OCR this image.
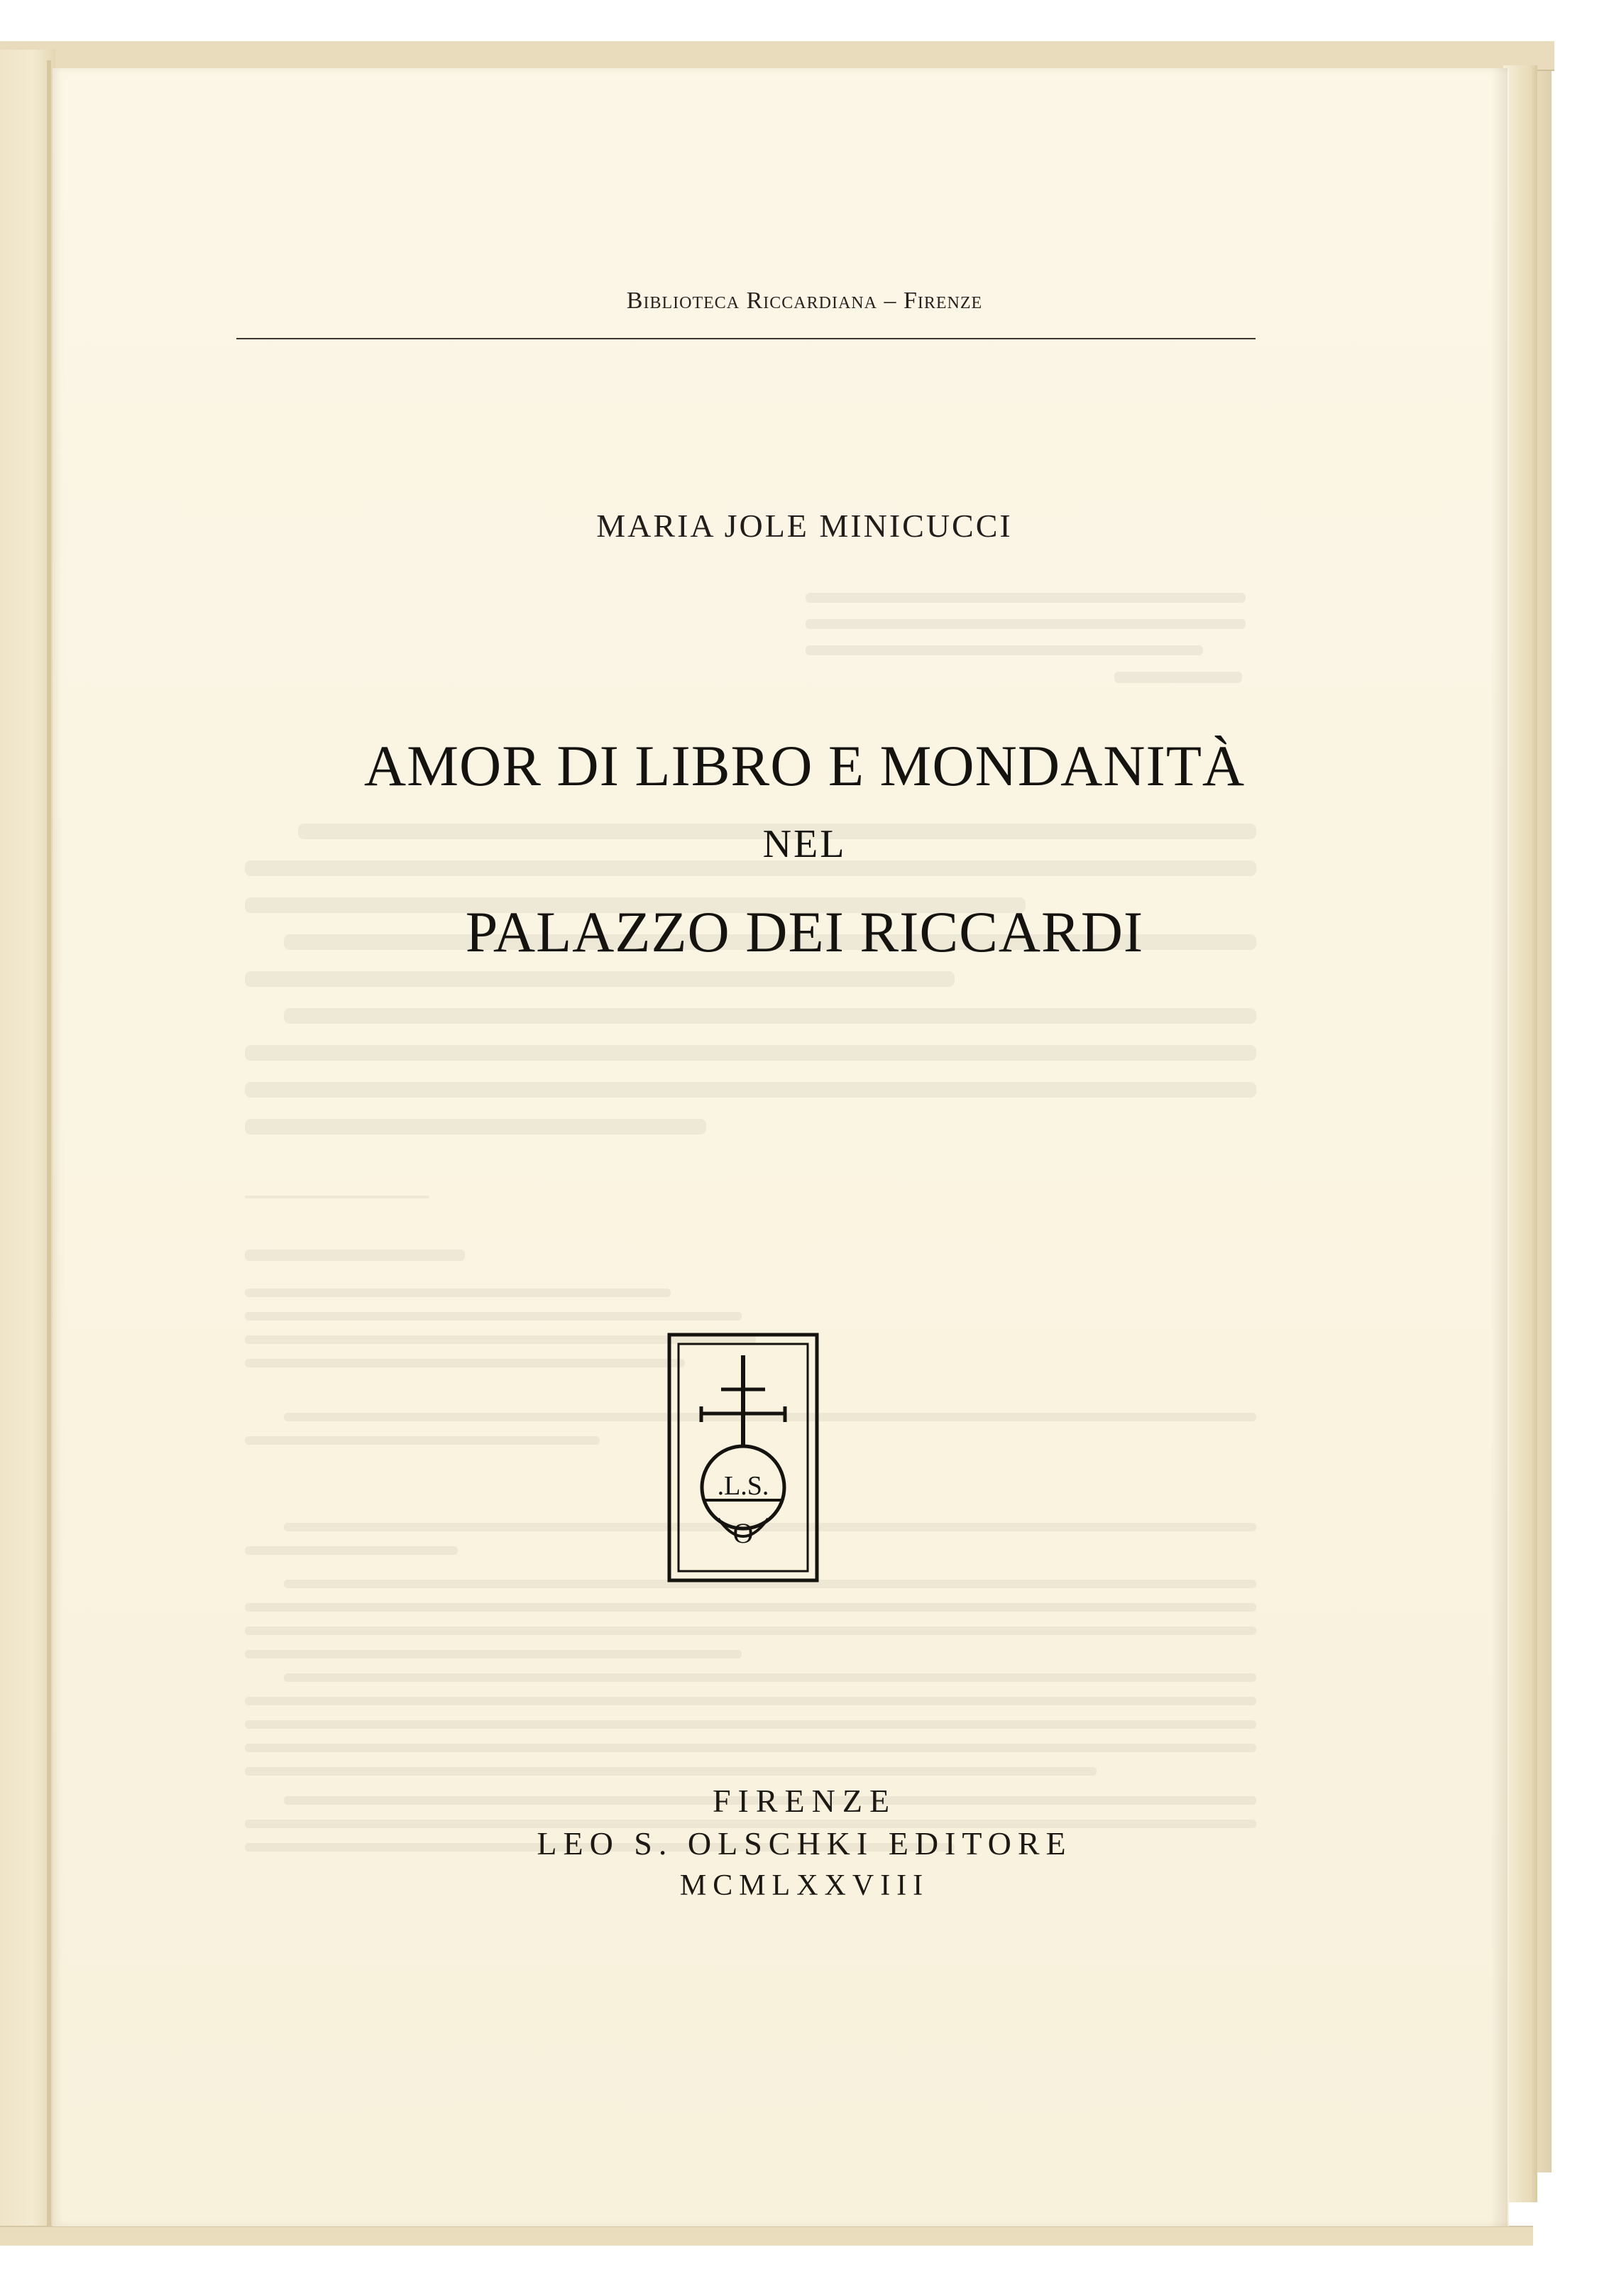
Biblioteca Riccardiana – Firenze
MARIA JOLE MINICUCCI
AMOR DI LIBRO E MONDANITÀ
NEL
PALAZZO DEI RICCARDI
.L.S.
O
FIRENZE
LEO S. OLSCHKI EDITORE
MCMLXXVIII
